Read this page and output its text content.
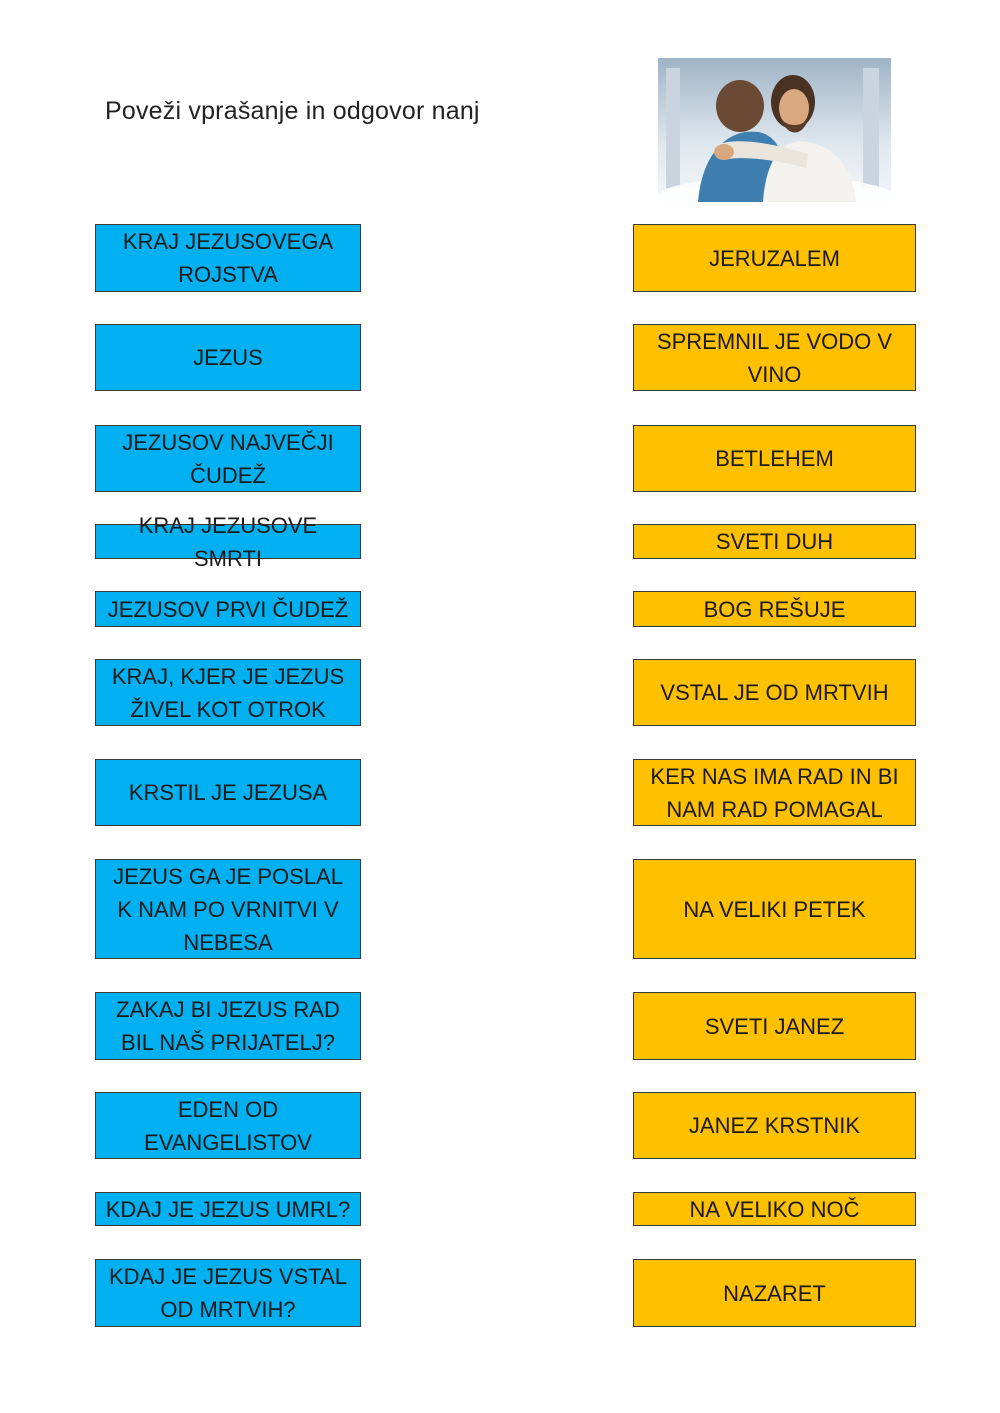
Poveži vprašanje in odgovor nanj
KRAJ JEZUSOVEGA ROJSTVA
JEZUS
JEZUSOV NAJVEČJI ČUDEŽ
KRAJ JEZUSOVE SMRTI
JEZUSOV PRVI ČUDEŽ
KRAJ, KJER JE JEZUS ŽIVEL KOT OTROK
KRSTIL JE JEZUSA
JEZUS GA JE POSLAL K NAM PO VRNITVI V NEBESA
ZAKAJ BI JEZUS RAD BIL NAŠ PRIJATELJ?
EDEN OD EVANGELISTOV
KDAJ JE JEZUS UMRL?
KDAJ JE JEZUS VSTAL OD MRTVIH?
JERUZALEM
SPREMNIL JE VODO V VINO
BETLEHEM
SVETI DUH
BOG REŠUJE
VSTAL JE OD MRTVIH
KER NAS IMA RAD IN BI NAM RAD POMAGAL
NA VELIKI PETEK
SVETI JANEZ
JANEZ KRSTNIK
NA VELIKO NOČ
NAZARET
